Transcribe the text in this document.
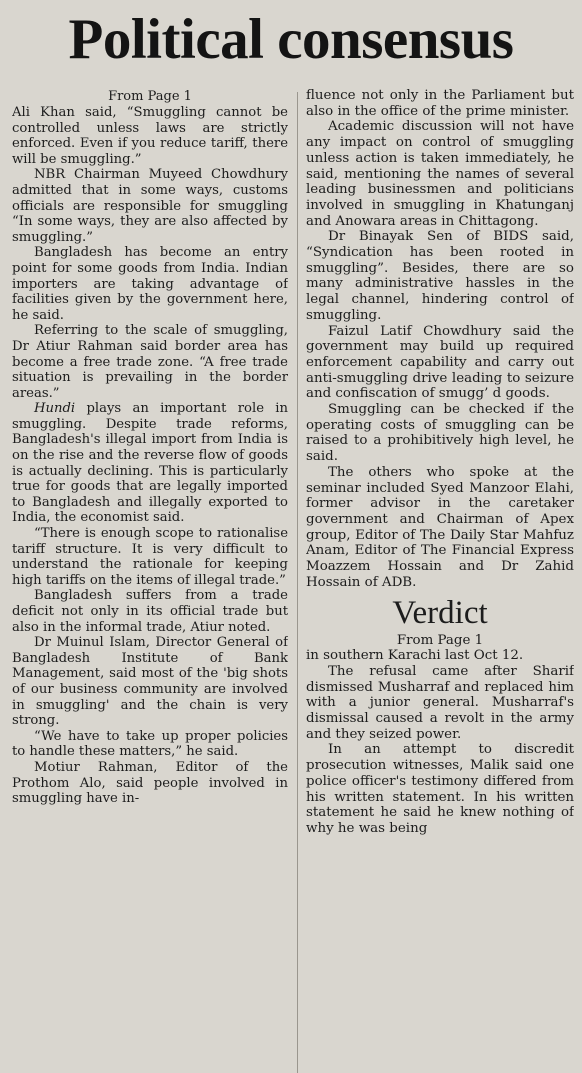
Political consensus

From Page 1

Ali Khan said, “Smuggling cannot be controlled unless laws are strictly enforced. Even if you reduce tariff, there will be smuggling.”

NBR Chairman Muyeed Chowdhury admitted that in some ways, customs officials are responsible for smuggling “In some ways, they are also affected by smuggling.”

Bangladesh has become an entry point for some goods from India. Indian importers are taking advantage of facilities given by the government here, he said.

Referring to the scale of smuggling, Dr Atiur Rahman said border area has become a free trade zone. “A free trade situation is prevailing in the border areas.”

Hundi plays an important role in smuggling. Despite trade reforms, Bangladesh's illegal import from India is on the rise and the reverse flow of goods is actually declining. This is particularly true for goods that are legally imported to Bangladesh and illegally exported to India, the economist said.

“There is enough scope to rationalise tariff structure. It is very difficult to understand the rationale for keeping high tariffs on the items of illegal trade.”

Bangladesh suffers from a trade deficit not only in its official trade but also in the informal trade, Atiur noted.

Dr Muinul Islam, Director General of Bangladesh Institute of Bank Management, said most of the 'big shots of our business community are involved in smuggling' and the chain is very strong.

“We have to take up proper policies to handle these matters,” he said.

Motiur Rahman, Editor of the Prothom Alo, said people involved in smuggling have in-

fluence not only in the Parliament but also in the office of the prime minister.

Academic discussion will not have any impact on control of smuggling unless action is taken immediately, he said, mentioning the names of several leading businessmen and politicians involved in smuggling in Khatunganj and Anowara areas in Chittagong.

Dr Binayak Sen of BIDS said, “Syndication has been rooted in smuggling”. Besides, there are so many administrative hassles in the legal channel, hindering control of smuggling.

Faizul Latif Chowdhury said the government may build up required enforcement capability and carry out anti-smuggling drive leading to seizure and confiscation of smugg’ d goods.

Smuggling can be checked if the operating costs of smuggling can be raised to a prohibitively high level, he said.

The others who spoke at the seminar included Syed Manzoor Elahi, former advisor in the caretaker government and Chairman of Apex group, Editor of The Daily Star Mahfuz Anam, Editor of The Financial Express Moazzem Hossain and Dr Zahid Hossain of ADB.

Verdict

From Page 1

in southern Karachi last Oct 12.

The refusal came after Sharif dismissed Musharraf and replaced him with a junior general. Musharraf's dismissal caused a revolt in the army and they seized power.

In an attempt to discredit prosecution witnesses, Malik said one police officer's testimony differed from his written statement. In his written statement he said he knew nothing of why he was being
